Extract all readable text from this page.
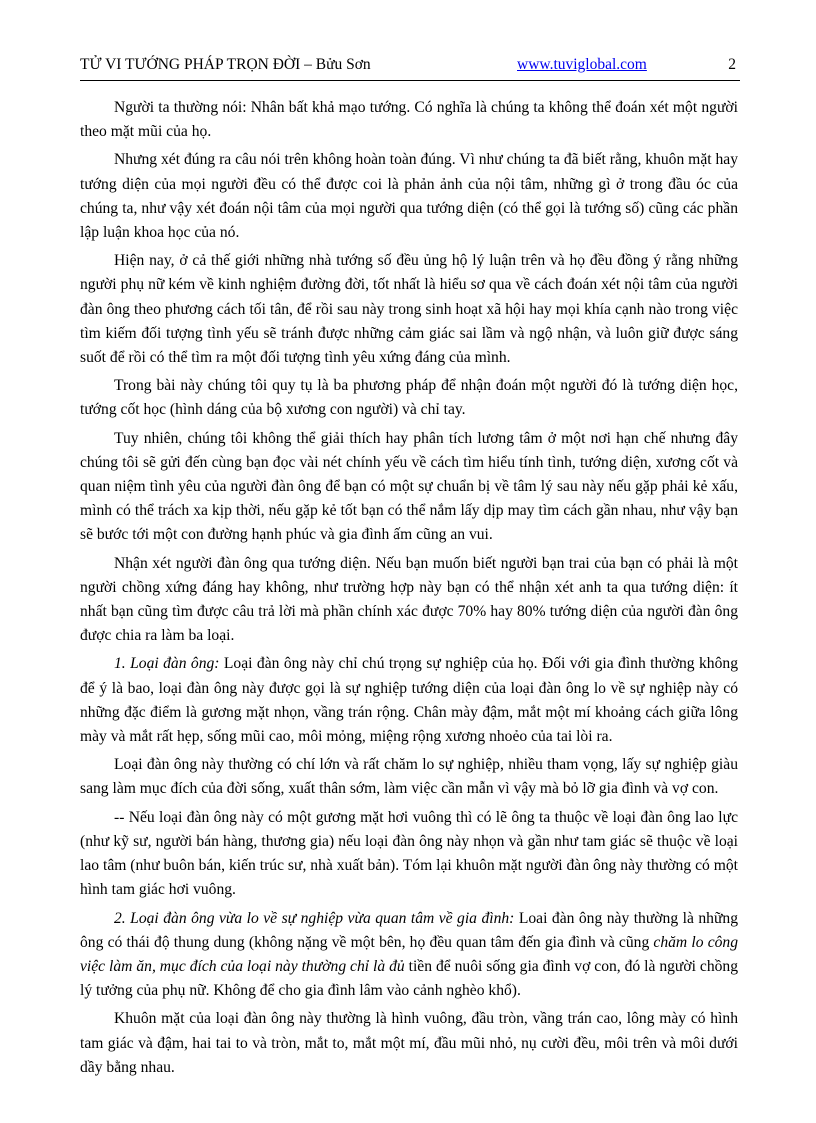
TỬ VI TƯỚNG PHÁP TRỌN ĐỜI – Bửu Sơn	www.tuviglobal.com	2

Người ta thường nói: Nhân bất khả mạo tướng. Có nghĩa là chúng ta không thể đoán xét một người theo mặt mũi của họ.

Nhưng xét đúng ra câu nói trên không hoàn toàn đúng. Vì như chúng ta đã biết rằng, khuôn mặt hay tướng diện của mọi người đều có thể được coi là phản ảnh của nội tâm, những gì ở trong đầu óc của chúng ta, như vậy xét đoán nội tâm của mọi người qua tướng diện (có thể gọi là tướng số) cũng các phần lập luận khoa học của nó.

Hiện nay, ở cả thế giới những nhà tướng số đều ủng hộ lý luận trên và họ đều đồng ý rằng những người phụ nữ kém về kinh nghiệm đường đời, tốt nhất là hiểu sơ qua về cách đoán xét nội tâm của người đàn ông theo phương cách tối tân, để rồi sau này trong sinh hoạt xã hội hay mọi khía cạnh nào trong việc tìm kiếm đối tượng tình yếu sẽ tránh được những cảm giác sai lầm và ngộ nhận, và luôn giữ được sáng suốt để rồi có thể tìm ra một đối tượng tình yêu xứng đáng của mình.

Trong bài này chúng tôi quy tụ là ba phương pháp để nhận đoán một người đó là tướng diện học, tướng cốt học (hình dáng của bộ xương con người) và chỉ tay.

Tuy nhiên, chúng tôi không thể giải thích hay phân tích lương tâm ở một nơi hạn chế nhưng đây chúng tôi sẽ gửi đến cùng bạn đọc vài nét chính yếu về cách tìm hiểu tính tình, tướng diện, xương cốt và quan niệm tình yêu của người đàn ông để bạn có một sự chuẩn bị về tâm lý sau này nếu gặp phải kẻ xấu, mình có thể trách xa kịp thời, nếu gặp kẻ tốt bạn có thể nắm lấy dịp may tìm cách gần nhau, như vậy bạn sẽ bước tới một con đường hạnh phúc và gia đình ấm cũng an vui.

Nhận xét người đàn ông qua tướng diện. Nếu bạn muốn biết người bạn trai của bạn có phải là một người chồng xứng đáng hay không, như trường hợp này bạn có thể nhận xét anh ta qua tướng diện: ít nhất bạn cũng tìm được câu trả lời mà phần chính xác được 70% hay 80% tướng diện của người đàn ông được chia ra làm ba loại.

1. Loại đàn ông: Loại đàn ông này chỉ chú trọng sự nghiệp của họ. Đối với gia đình thường không để ý là bao, loại đàn ông này được gọi là sự nghiệp tướng diện của loại đàn ông lo về sự nghiệp này có những đặc điểm là gương mặt nhọn, vầng trán rộng. Chân mày đậm, mắt một mí khoảng cách giữa lông mày và mắt rất hẹp, sống mũi cao, môi mỏng, miệng rộng xương nhoẻo của tai lòi ra.

Loại đàn ông này thường có chí lớn và rất chăm lo sự nghiệp, nhiều tham vọng, lấy sự nghiệp giàu sang làm mục đích của đời sống, xuất thân sớm, làm việc cần mẫn vì vậy mà bỏ lỡ gia đình và vợ con.

-- Nếu loại đàn ông này có một gương mặt hơi vuông thì có lẽ ông ta thuộc về loại đàn ông lao lực (như kỹ sư, người bán hàng, thương gia) nếu loại đàn ông này nhọn và gần như tam giác sẽ thuộc về loại lao tâm (như buôn bán, kiến trúc sư, nhà xuất bản). Tóm lại khuôn mặt người đàn ông này thường có một hình tam giác hơi vuông.

2. Loại đàn ông vừa lo về sự nghiệp vừa quan tâm về gia đình: Loai đàn ông này thường là những ông có thái độ thung dung (không nặng về một bên, họ đều quan tâm đến gia đình và cũng chăm lo công việc làm ăn, mục đích của loại này thường chỉ là đủ tiền để nuôi sống gia đình vợ con, đó là người chồng lý tưởng của phụ nữ. Không để cho gia đình lâm vào cảnh nghèo khổ).

Khuôn mặt của loại đàn ông này thường là hình vuông, đầu tròn, vầng trán cao, lông mày có hình tam giác và đậm, hai tai to và tròn, mắt to, mắt một mí, đầu mũi nhỏ, nụ cười đều, môi trên và môi dưới dầy bằng nhau.
